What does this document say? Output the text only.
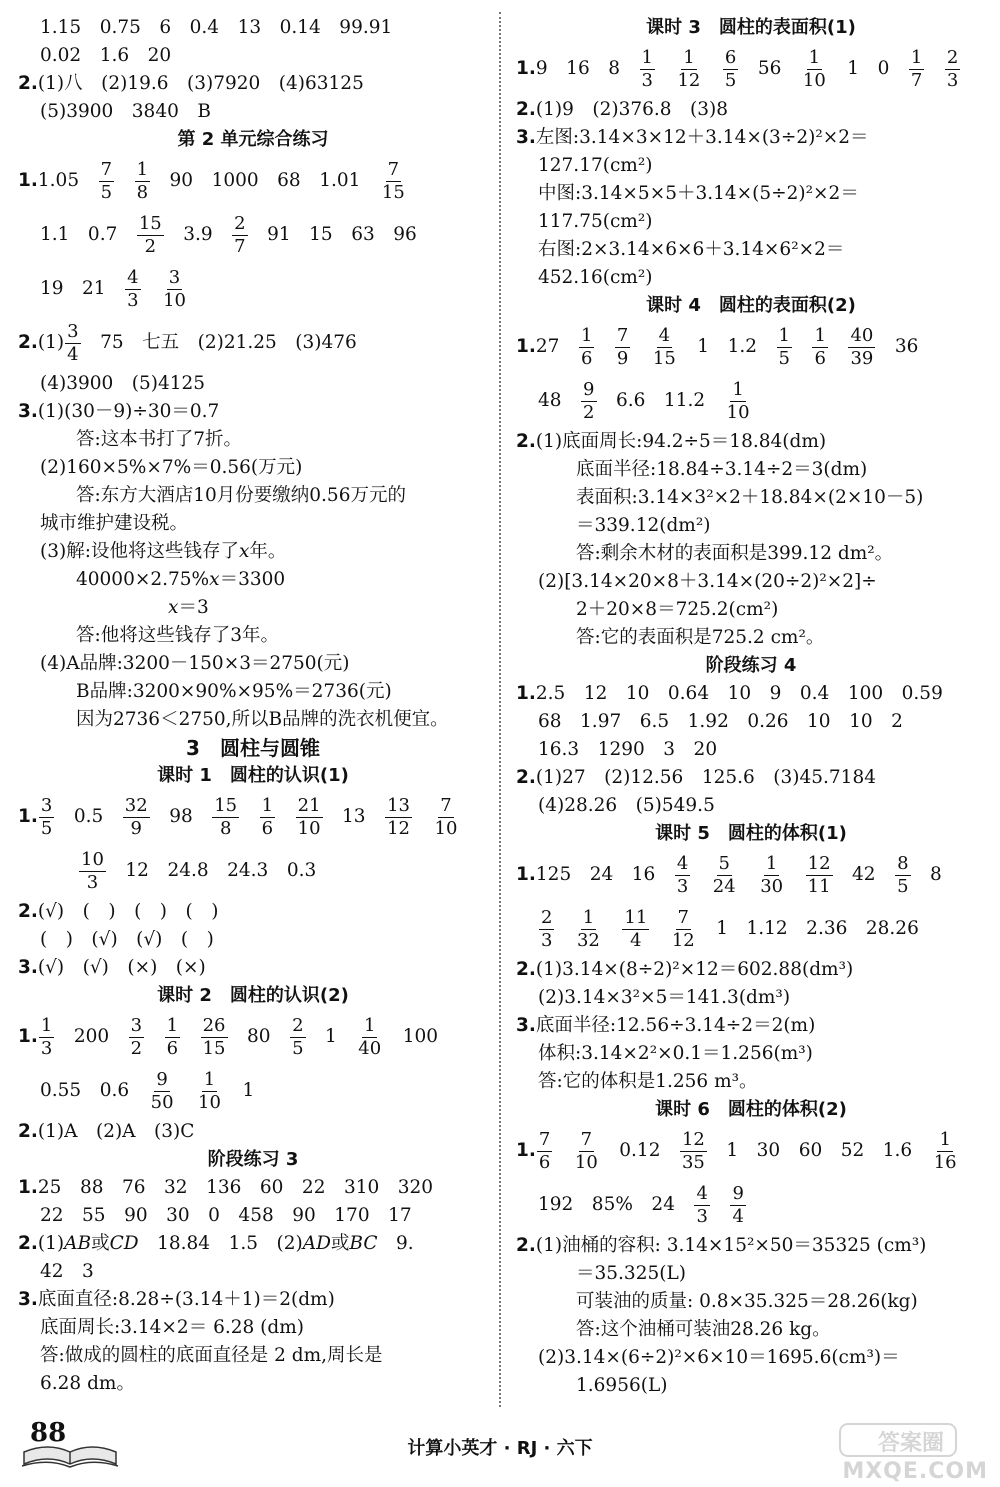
1.15　0.75　6　0.4　13　0.14　99.91
0.02　1.6　20
2.(1)八　(2)19.6　(3)7920　(4)63125
(5)3900　3840　B
第 2 单元综合练习
1.1.05　 $\frac{7}{5}$
　 $\frac{1}{8}$ 　90　1000　68　1.01　 $\frac{7}{15}$
1.1　0.7　 $\frac{15}{2}$ 　3.9　 $\frac{2}{7}$ 　91　15　63　96
19　21　 $\frac{4}{3}$
　 $\frac{3}{10}$
$2.(1) \frac{3}{4}$ 　75　七五　(2)21.25　(3)476
(4)3900　(5)4125
3.(1)(30－9)÷30＝0.7
答:这本书打了7折。
(2)160×5%×7%＝0.56(万元)
答:东方大酒店10月份要缴纳0.56万元的
城市维护建设税。
(3)解:设他将这些钱存了x年。
40000×2.75%x＝3300
x＝3
答:他将这些钱存了3年。
(4)A品牌:3200－150×3＝2750(元)
B品牌:3200×90%×95%＝2736(元)
因为2736＜2750,所以B品牌的洗衣机便宜。
3　圆柱与圆锥
课时 1　圆柱的认识(1)
1. $\frac{3}{5}$ 　0.5　 $\frac{32}{9}$ 　98　 $\frac{15}{8}$
　 $\frac{1}{6}$
　 $\frac{21}{10}$ 　13　 $\frac{13}{12}$
　 $\frac{7}{10}$
$\frac{10}{3}$ 　12　24.8　24.3　0.3
2.(√)　(　)　(　)　(　)
(　)　(√)　(√)　(　)
3.(√)　(√)　(×)　(×)
课时 2　圆柱的认识(2)
1. $\frac{1}{3}$ 　200　 $\frac{3}{2}$
　 $\frac{1}{6}$
　 $\frac{26}{15}$ 　80　 $\frac{2}{5}$ 　1　 $\frac{1}{40}$ 　100
0.55　0.6　 $\frac{9}{50}$
　 $\frac{1}{10}$ 　1
2.(1)A　(2)A　(3)C
阶段练习 3
1.25　88　76　32　136　60　22　310　320
22　55　90　30　0　458　90　170　17
2.(1)AB或CD　18.84　1.5　(2)AD或BC　9.
42　3
3.底面直径:8.28÷(3.14＋1)＝2(dm)
底面周长:3.14×2＝ 6.28 (dm)
答:做成的圆柱的底面直径是 2 dm,周长是
6.28 dm。
课时 3　圆柱的表面积(1)
1.9　16　8　 $\frac{1}{3}$
　 $\frac{1}{12}$
　 $\frac{6}{5}$ 　56　 $\frac{1}{10}$ 　1　0　 $\frac{1}{7}$
　 $\frac{2}{3}$
2.(1)9　(2)376.8　(3)8
3.左图:3.14×3×12＋3.14×(3÷2)²×2＝
127.17(cm²)
中图:3.14×5×5＋3.14×(5÷2)²×2＝
117.75(cm²)
右图:2×3.14×6×6＋3.14×6²×2＝
452.16(cm²)
课时 4　圆柱的表面积(2)
1.27　 $\frac{1}{6}$
　 $\frac{7}{9}$
　 $\frac{4}{15}$ 　1　1.2　 $\frac{1}{5}$
　 $\frac{1}{6}$
　 $\frac{40}{39}$ 　36
48　 $\frac{9}{2}$ 　6.6　11.2　 $\frac{1}{10}$
2.(1)底面周长:94.2÷5＝18.84(dm)
底面半径:18.84÷3.14÷2＝3(dm)
表面积:3.14×3²×2＋18.84×(2×10－5)
＝339.12(dm²)
答:剩余木材的表面积是399.12 dm²。
(2)[3.14×20×8＋3.14×(20÷2)²×2]÷
2＋20×8＝725.2(cm²)
答:它的表面积是725.2 cm²。
阶段练习 4
1.2.5　12　10　0.64　10　9　0.4　100　0.59
68　1.97　6.5　1.92　0.26　10　10　2
16.3　1290　3　20
2.(1)27　(2)12.56　125.6　(3)45.7184
(4)28.26　(5)549.5
课时 5　圆柱的体积(1)
1.125　24　16　 $\frac{4}{3}$
　 $\frac{5}{24}$
　 $\frac{1}{30}$
　 $\frac{12}{11}$ 　42　 $\frac{8}{5}$ 　8
$\frac{2}{3}$
　 $\frac{1}{32}$
　 $\frac{11}{4}$
　 $\frac{7}{12}$ 　1　1.12　2.36　28.26
2.(1)3.14×(8÷2)²×12＝602.88(dm³)
(2)3.14×3²×5＝141.3(dm³)
3.底面半径:12.56÷3.14÷2＝2(m)
体积:3.14×2²×0.1＝1.256(m³)
答:它的体积是1.256 m³。
课时 6　圆柱的体积(2)
1. $\frac{7}{6}$
　 $\frac{7}{10}$ 　0.12　 $\frac{12}{35}$ 　1　30　60　52　1.6　 $\frac{1}{16}$
192　85%　24　 $\frac{4}{3}$
　 $\frac{9}{4}$
2.(1)油桶的容积: 3.14×15²×50＝35325 (cm³)
＝35.325(L)
可装油的质量: 0.8×35.325＝28.26(kg)
答:这个油桶可装油28.26 kg。
(2)3.14×(6÷2)²×6×10＝1695.6(cm³)＝
1.6956(L)
88
计算小英才 · RJ · 六下	答案圈
MXQE.COM
